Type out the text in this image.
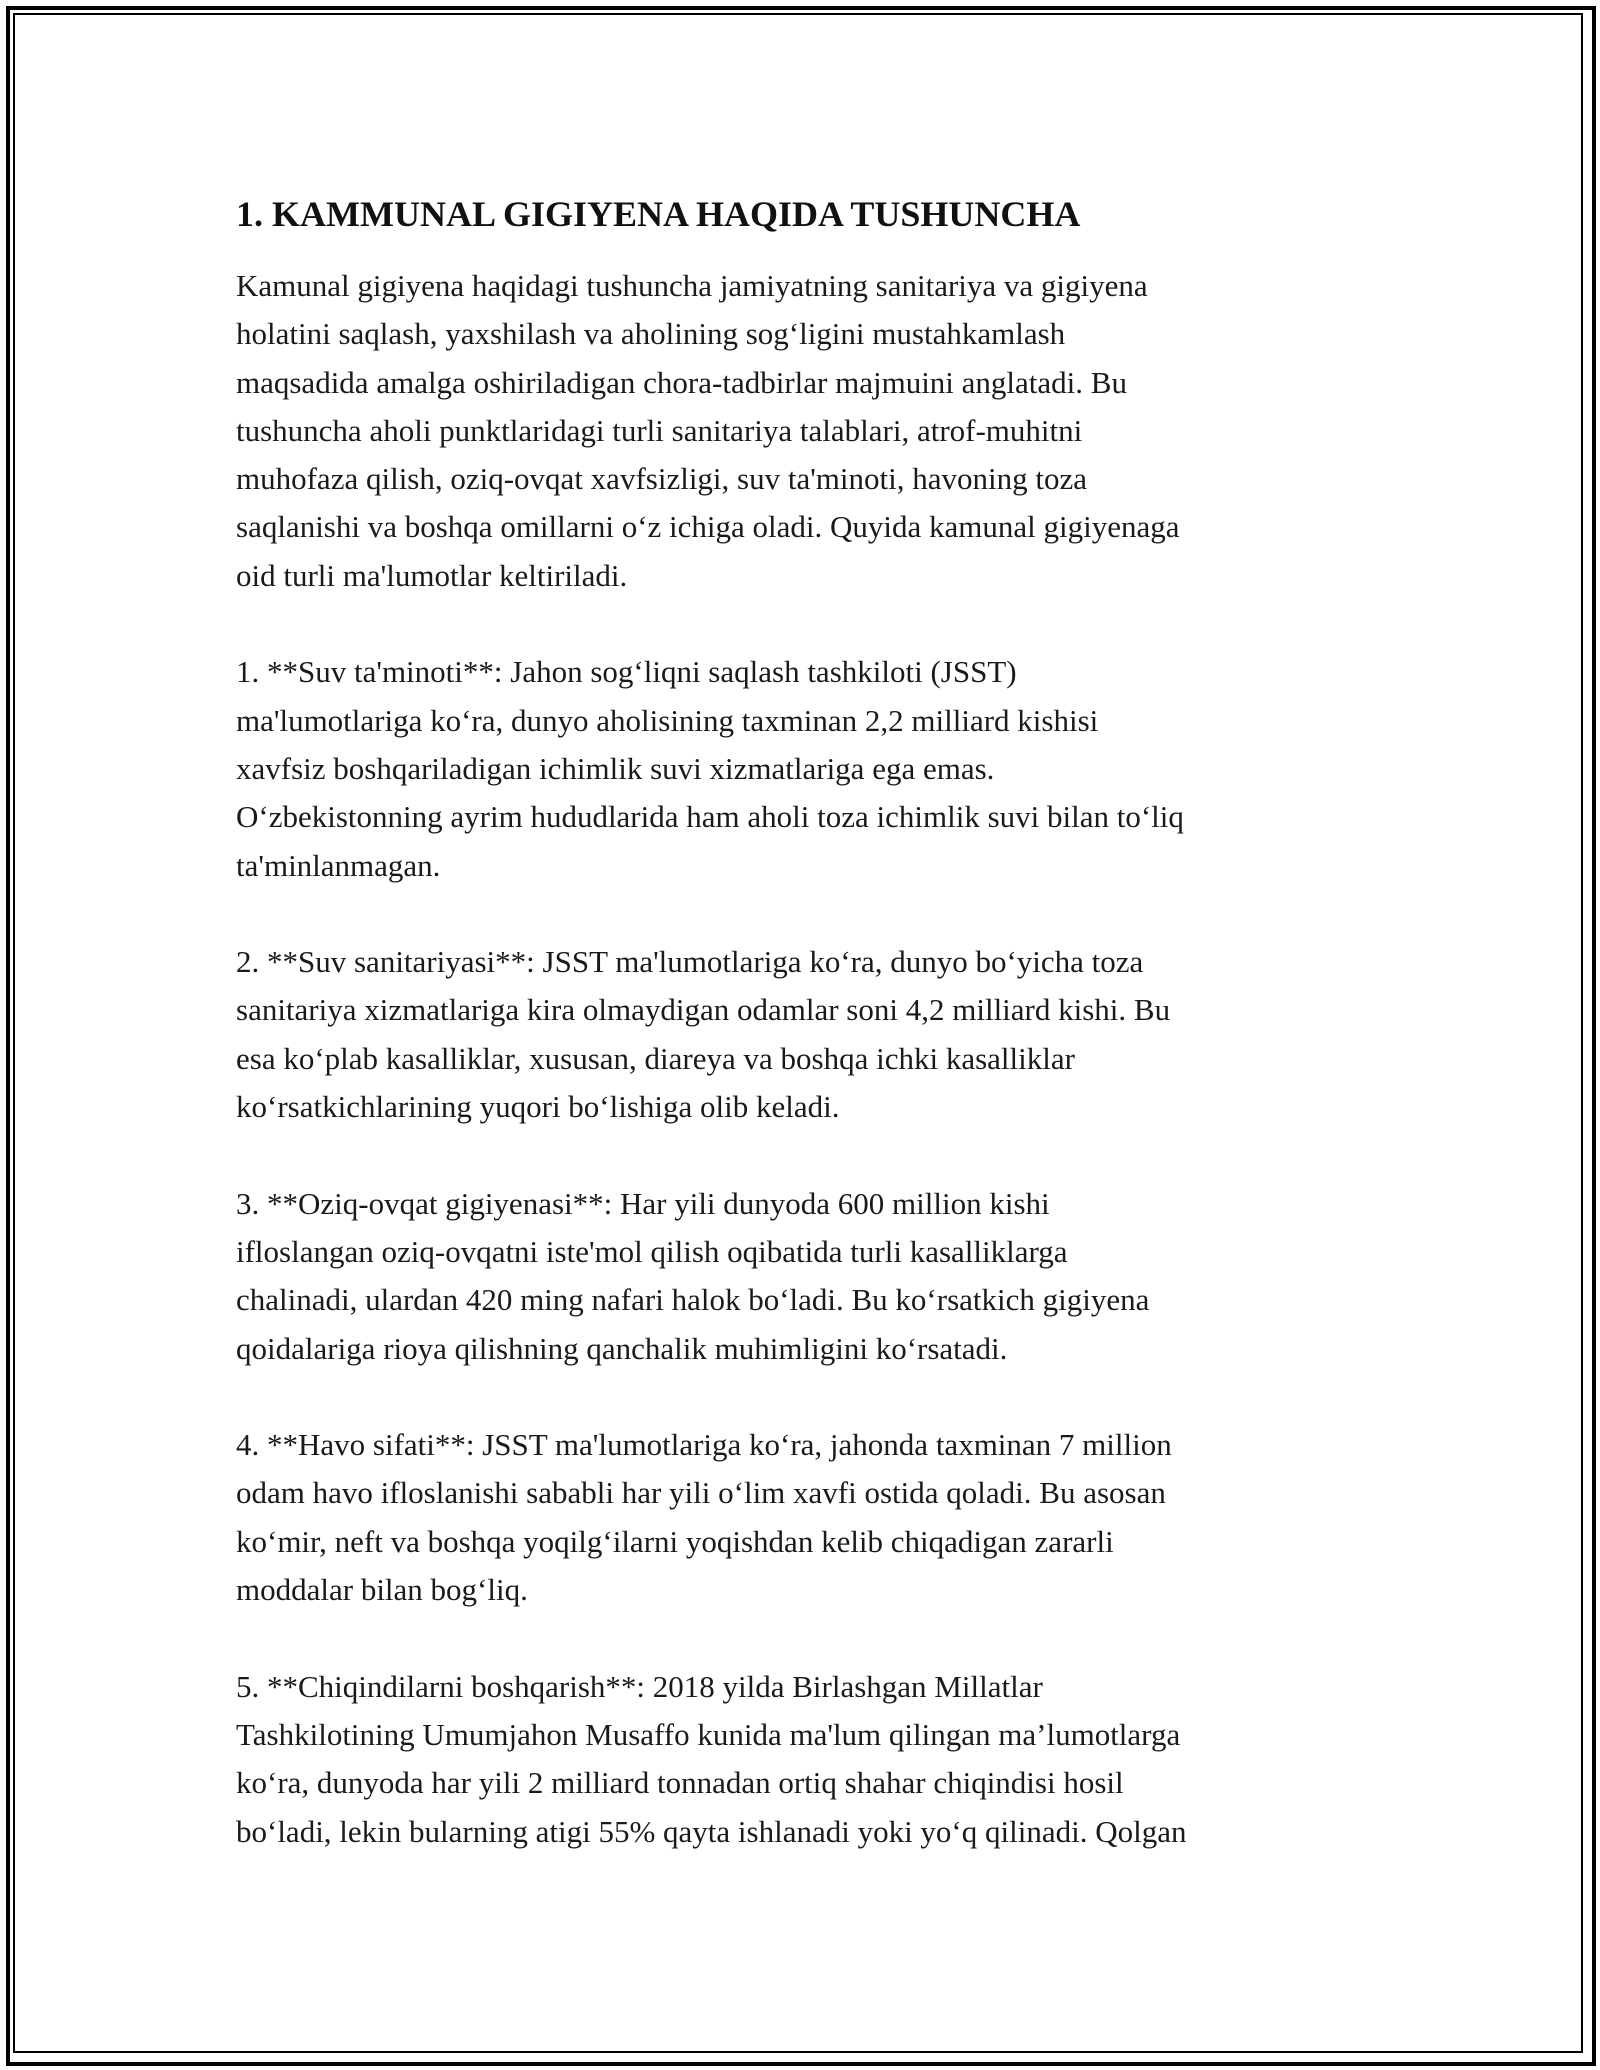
1. KAMMUNAL GIGIYENA HAQIDA TUSHUNCHA

Kamunal gigiyena haqidagi tushuncha jamiyatning sanitariya va gigiyena
holatini saqlash, yaxshilash va aholining sog‘ligini mustahkamlash
maqsadida amalga oshiriladigan chora-tadbirlar majmuini anglatadi. Bu
tushuncha aholi punktlaridagi turli sanitariya talablari, atrof-muhitni
muhofaza qilish, oziq-ovqat xavfsizligi, suv ta'minoti, havoning toza
saqlanishi va boshqa omillarni o‘z ichiga oladi. Quyida kamunal gigiyenaga
oid turli ma'lumotlar keltiriladi.

1. **Suv ta'minoti**: Jahon sog‘liqni saqlash tashkiloti (JSST)
ma'lumotlariga ko‘ra, dunyo aholisining taxminan 2,2 milliard kishisi
xavfsiz boshqariladigan ichimlik suvi xizmatlariga ega emas.
O‘zbekistonning ayrim hududlarida ham aholi toza ichimlik suvi bilan to‘liq
ta'minlanmagan.

2. **Suv sanitariyasi**: JSST ma'lumotlariga ko‘ra, dunyo bo‘yicha toza
sanitariya xizmatlariga kira olmaydigan odamlar soni 4,2 milliard kishi. Bu
esa ko‘plab kasalliklar, xususan, diareya va boshqa ichki kasalliklar
ko‘rsatkichlarining yuqori bo‘lishiga olib keladi.

3. **Oziq-ovqat gigiyenasi**: Har yili dunyoda 600 million kishi
ifloslangan oziq-ovqatni iste'mol qilish oqibatida turli kasalliklarga
chalinadi, ulardan 420 ming nafari halok bo‘ladi. Bu ko‘rsatkich gigiyena
qoidalariga rioya qilishning qanchalik muhimligini ko‘rsatadi.

4. **Havo sifati**: JSST ma'lumotlariga ko‘ra, jahonda taxminan 7 million
odam havo ifloslanishi sababli har yili o‘lim xavfi ostida qoladi. Bu asosan
ko‘mir, neft va boshqa yoqilg‘ilarni yoqishdan kelib chiqadigan zararli
moddalar bilan bog‘liq.

5. **Chiqindilarni boshqarish**: 2018 yilda Birlashgan Millatlar
Tashkilotining Umumjahon Musaffo kunida ma'lum qilingan ma’lumotlarga
ko‘ra, dunyoda har yili 2 milliard tonnadan ortiq shahar chiqindisi hosil
bo‘ladi, lekin bularning atigi 55% qayta ishlanadi yoki yo‘q qilinadi. Qolgan
